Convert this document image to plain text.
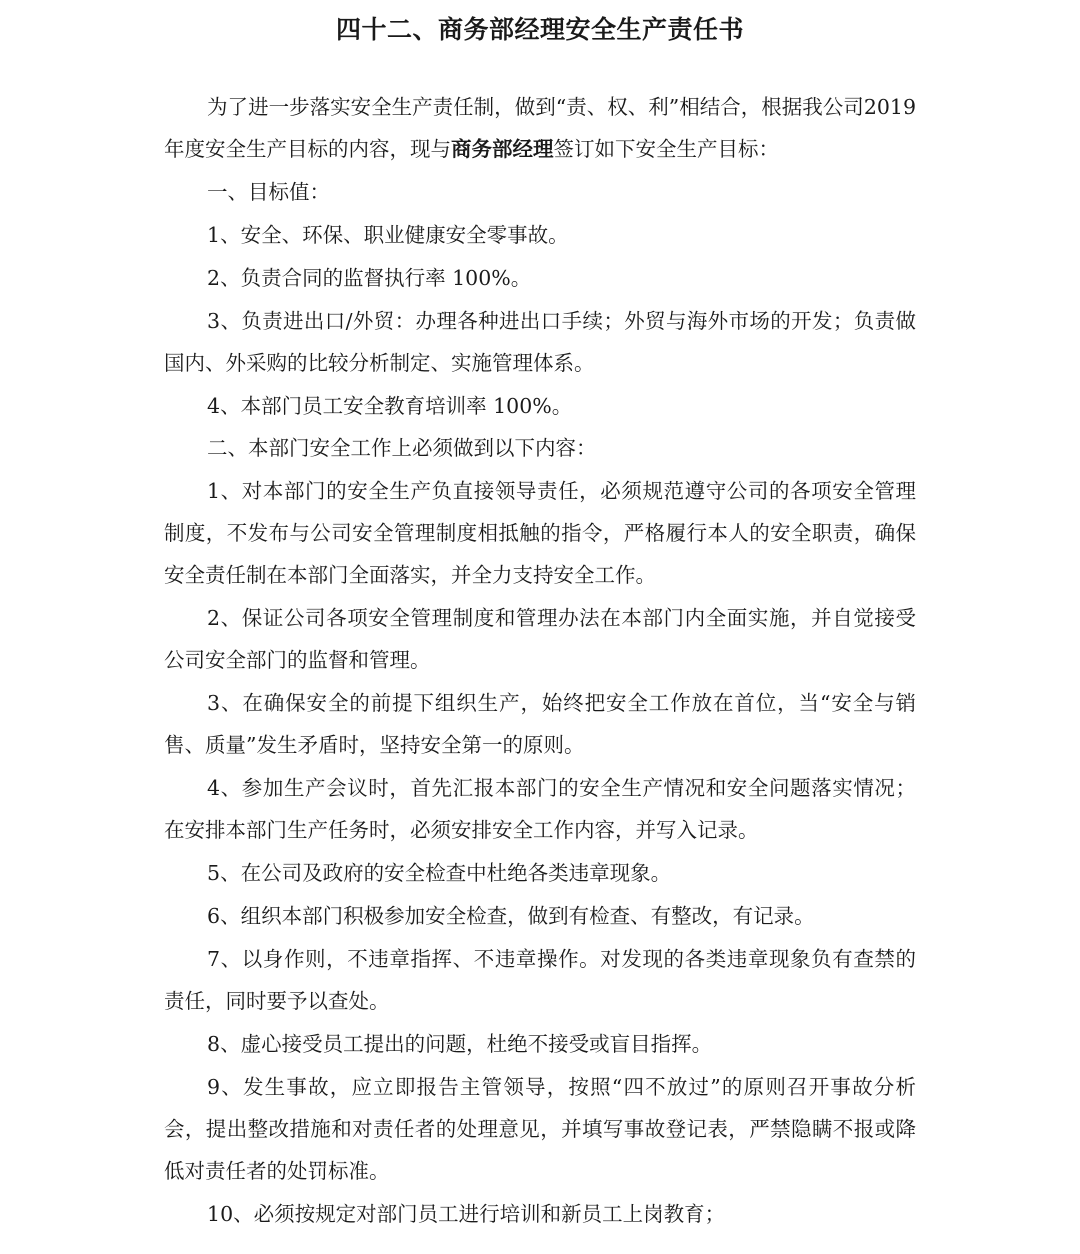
四十二、商务部经理安全生产责任书

为了进一步落实安全生产责任制，做到“责、权、利”相结合，根据我公司2019年度安全生产目标的内容，现与商务部经理签订如下安全生产目标：

一、目标值：

1、安全、环保、职业健康安全零事故。

2、负责合同的监督执行率 100%。

3、负责进出口/外贸：办理各种进出口手续；外贸与海外市场的开发；负责做国内、外采购的比较分析制定、实施管理体系。

4、本部门员工安全教育培训率 100%。

二、本部门安全工作上必须做到以下内容：

1、对本部门的安全生产负直接领导责任，必须规范遵守公司的各项安全管理制度，不发布与公司安全管理制度相抵触的指令，严格履行本人的安全职责，确保安全责任制在本部门全面落实，并全力支持安全工作。

2、保证公司各项安全管理制度和管理办法在本部门内全面实施，并自觉接受公司安全部门的监督和管理。

3、在确保安全的前提下组织生产，始终把安全工作放在首位，当“安全与销售、质量”发生矛盾时，坚持安全第一的原则。

4、参加生产会议时，首先汇报本部门的安全生产情况和安全问题落实情况；在安排本部门生产任务时，必须安排安全工作内容，并写入记录。

5、在公司及政府的安全检查中杜绝各类违章现象。

6、组织本部门积极参加安全检查，做到有检查、有整改，有记录。

7、以身作则，不违章指挥、不违章操作。对发现的各类违章现象负有查禁的责任，同时要予以查处。

8、虚心接受员工提出的问题，杜绝不接受或盲目指挥。

9、发生事故，应立即报告主管领导，按照“四不放过”的原则召开事故分析会，提出整改措施和对责任者的处理意见，并填写事故登记表，严禁隐瞒不报或降低对责任者的处罚标准。

10、必须按规定对部门员工进行培训和新员工上岗教育；
